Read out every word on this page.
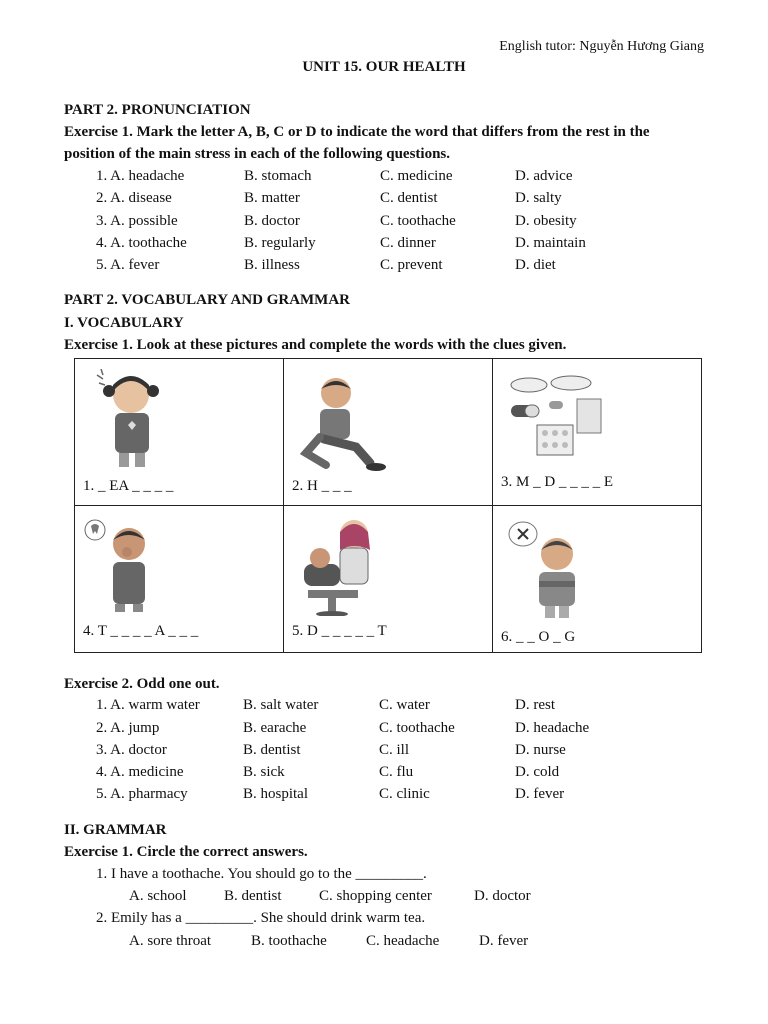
English tutor: Nguyễn Hương Giang
UNIT 15. OUR HEALTH
PART 2. PRONUNCIATION
Exercise 1. Mark the letter A, B, C or D to indicate the word that differs from the rest in the
position of the main stress in each of the following questions.
1. A. headache	B. stomach	C. medicine	D. advice
2. A. disease	B. matter	C. dentist	D. salty
3. A. possible	B. doctor	C. toothache	D. obesity
4. A. toothache	B. regularly	C. dinner	D. maintain
5. A. fever	B. illness	C. prevent	D. diet
PART 2. VOCABULARY AND GRAMMAR
I. VOCABULARY
Exercise 1. Look at these pictures and complete the words with the clues given.
1. _ EA _ _ _ _	2. H _ _ _	3. M _ D _ _ _ _ E

4. T _ _ _ _ A _ _ _	5. D _ _ _ _ _ T	6. _ _ O _ G
Exercise 2. Odd one out.
1. A. warm water	B. salt water	C. water	D. rest
2. A. jump	B. earache	C. toothache	D. headache
3. A. doctor	B. dentist	C. ill	D. nurse
4. A. medicine	B. sick	C. flu	D. cold
5. A. pharmacy	B. hospital	C. clinic	D. fever
II. GRAMMAR
Exercise 1. Circle the correct answers.
1. I have a toothache. You should go to the _________.
A. school	B. dentist C. shopping center	D. doctor
2. Emily has a _________. She should drink warm tea.
A. sore throat	B. toothache	C. headache	D. fever
